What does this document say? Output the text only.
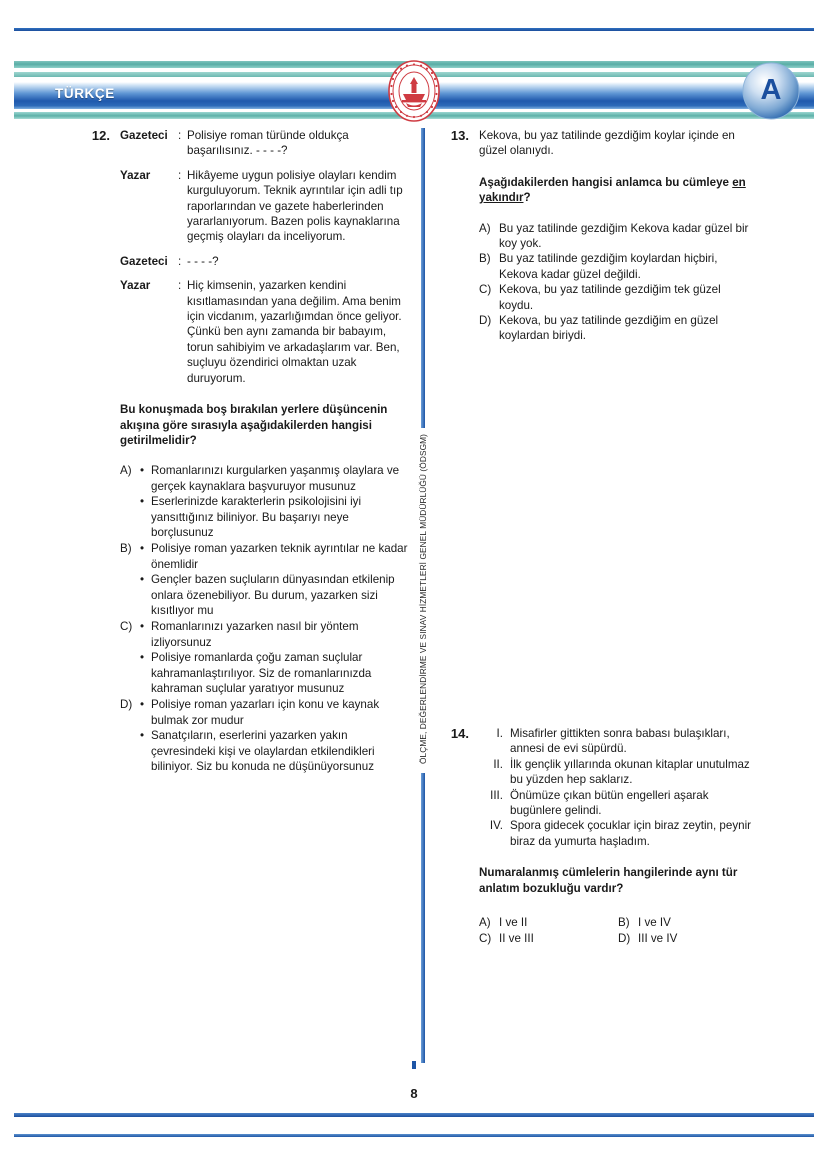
TÜRKÇE	A
ÖLÇME, DEĞERLENDİRME VE SINAV HİZMETLERİ GENEL MÜDÜRLÜĞÜ (ÖDSGM)
12. Gazeteci : Polisiye roman türünde oldukça başarılısınız. - - - -?
Yazar	: Hikâyeme uygun polisiye olayları kendim kurguluyorum. Teknik ayrıntılar için adli tıp raporlarından ve gazete haberlerinden yararlanıyorum. Bazen polis kaynaklarına geçmiş olayları da inceliyorum.
Gazeteci : - - - -?
Yazar	: Hiç kimsenin, yazarken kendini kısıtlamasından yana değilim. Ama benim için vicdanım, yazarlığımdan önce geliyor. Çünkü ben aynı zamanda bir babayım, torun sahibiyim ve arkadaşlarım var. Ben, suçluyu özendirici olmaktan uzak duruyorum.
Bu konuşmada boş bırakılan yerlere düşüncenin akışına göre sırasıyla aşağıdakilerden hangisi getirilmelidir?
A) • Romanlarınızı kurgularken yaşanmış olaylara ve gerçek kaynaklara başvuruyor musunuz
• Eserlerinizde karakterlerin psikolojisini iyi yansıttığınız biliniyor. Bu başarıyı neye borçlusunuz
B) • Polisiye roman yazarken teknik ayrıntılar ne kadar önemlidir
• Gençler bazen suçluların dünyasından etkilenip onlara özenebiliyor. Bu durum, yazarken sizi kısıtlıyor mu
C) • Romanlarınızı yazarken nasıl bir yöntem izliyorsunuz
• Polisiye romanlarda çoğu zaman suçlular kahramanlaştırılıyor. Siz de romanlarınızda kahraman suçlular yaratıyor musunuz
D) • Polisiye roman yazarları için konu ve kaynak bulmak zor mudur
• Sanatçıların, eserlerini yazarken yakın çevresindeki kişi ve olaylardan etkilendikleri biliniyor. Siz bu konuda ne düşünüyorsunuz
13. Kekova, bu yaz tatilinde gezdiğim koylar içinde en güzel olanıydı.
Aşağıdakilerden hangisi anlamca bu cümleye en yakındır?
A) Bu yaz tatilinde gezdiğim Kekova kadar güzel bir koy yok.
B) Bu yaz tatilinde gezdiğim koylardan hiçbiri, Kekova kadar güzel değildi.
C) Kekova, bu yaz tatilinde gezdiğim tek güzel koydu.
D) Kekova, bu yaz tatilinde gezdiğim en güzel koylardan biriydi.
14.	I. Misafirler gittikten sonra babası bulaşıkları, annesi de evi süpürdü.
II. İlk gençlik yıllarında okunan kitaplar unutulmaz bu yüzden hep saklarız.
III. Önümüze çıkan bütün engelleri aşarak bugünlere gelindi.
IV. Spora gidecek çocuklar için biraz zeytin, peynir biraz da yumurta haşladım.
Numaralanmış cümlelerin hangilerinde aynı tür anlatım bozukluğu vardır?
A) I ve II	B) I ve IV
C) II ve III	D) III ve IV
8
